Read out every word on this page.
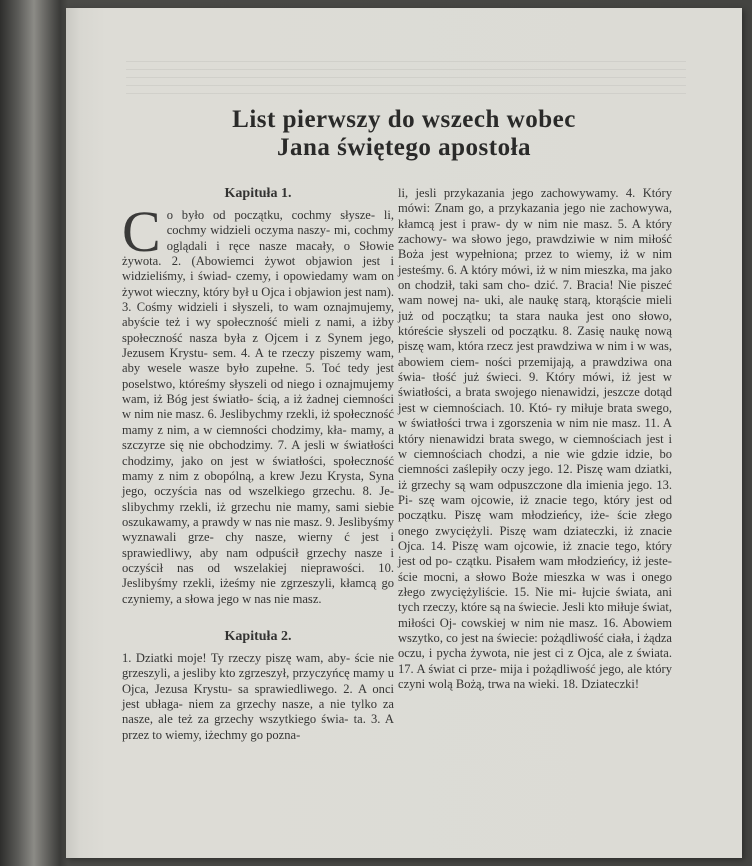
List pierwszy do wszech wobec
Jana świętego apostoła
Kapituła 1.

Co było od początku, cochmy słysze- li, cochmy widzieli oczyma naszy- mi, cochmy oglądali i ręce nasze macały, o Słowie żywota. 2. (Abowiemci żywot objawion jest i widzieliśmy, i świad- czemy, i opowiedamy wam on żywot wieczny, który był u Ojca i objawion jest nam). 3. Cośmy widzieli i słyszeli, to wam oznajmujemy, abyście też i wy społeczność mieli z nami, a iżby społeczność nasza była z Ojcem i z Synem jego, Jezusem Krystu- sem. 4. A te rzeczy piszemy wam, aby wesele wasze było zupełne. 5. Toć tedy jest poselstwo, któreśmy słyszeli od niego i oznajmujemy wam, iż Bóg jest światło- ścią, a iż żadnej ciemności w nim nie masz. 6. Jeslibychmy rzekli, iż społeczność mamy z nim, a w ciemności chodzimy, kła- mamy, a szczyrze się nie obchodzimy. 7. A jesli w światłości chodzimy, jako on jest w światłości, społeczność mamy z nim z obopólną, a krew Jezu Krysta, Syna jego, oczyścia nas od wszelkiego grzechu. 8. Je- slibychmy rzekli, iż grzechu nie mamy, sami siebie oszukawamy, a prawdy w nas nie masz. 9. Jeslibyśmy wyznawali grze- chy nasze, wierny ć jest i sprawiedliwy, aby nam odpuścił grzechy nasze i oczyścił nas od wszelakiej nieprawości. 10. Jeslibyśmy rzekli, iżeśmy nie zgrzeszyli, kłamcą go czyniemy, a słowa jego w nas nie masz.

Kapituła 2.

1. Dziatki moje! Ty rzeczy piszę wam, aby- ście nie grzeszyli, a jesliby kto zgrzeszył, przyczyńcę mamy u Ojca, Jezusa Krystu- sa sprawiedliwego. 2. A onci jest ubłaga- niem za grzechy nasze, a nie tylko za nasze, ale też za grzechy wszytkiego świa- ta. 3. A przez to wiemy, iżechmy go pozna-

li, jesli przykazania jego zachowywamy. 4. Który mówi: Znam go, a przykazania jego nie zachowywa, kłamcą jest i praw- dy w nim nie masz. 5. A który zachowy- wa słowo jego, prawdziwie w nim miłość Boża jest wypełniona; przez to wiemy, iż w nim jesteśmy. 6. A który mówi, iż w nim mieszka, ma jako on chodził, taki sam cho- dzić. 7. Bracia! Nie piszeć wam nowej na- uki, ale naukę starą, ktorąście mieli już od początku; ta stara nauka jest ono słowo, któreście słyszeli od początku. 8. Zasię naukę nową piszę wam, która rzecz jest prawdziwa w nim i w was, abowiem ciem- ności przemijają, a prawdziwa ona świa- tłość już świeci. 9. Który mówi, iż jest w światłości, a brata swojego nienawidzi, jeszcze dotąd jest w ciemnościach. 10. Któ- ry miłuje brata swego, w światłości trwa i zgorszenia w nim nie masz. 11. A który nienawidzi brata swego, w ciemnościach jest i w ciemnościach chodzi, a nie wie gdzie idzie, bo ciemności zaślepiły oczy jego. 12. Piszę wam dziatki, iż grzechy są wam odpuszczone dla imienia jego. 13. Pi- szę wam ojcowie, iż znacie tego, który jest od początku. Piszę wam młodzieńcy, iże- ście złego onego zwyciężyli. Piszę wam dziateczki, iż znacie Ojca. 14. Piszę wam ojcowie, iż znacie tego, który jest od po- czątku. Pisałem wam młodzieńcy, iż jeste- ście mocni, a słowo Boże mieszka w was i onego złego zwyciężyliście. 15. Nie mi- łujcie świata, ani tych rzeczy, które są na świecie. Jesli kto miłuje świat, miłości Oj- cowskiej w nim nie masz. 16. Abowiem wszytko, co jest na świecie: pożądliwość ciała, i żądza oczu, i pycha żywota, nie jest ci z Ojca, ale z świata. 17. A świat ci prze- mija i pożądliwość jego, ale który czyni wolą Bożą, trwa na wieki. 18. Dziateczki!
